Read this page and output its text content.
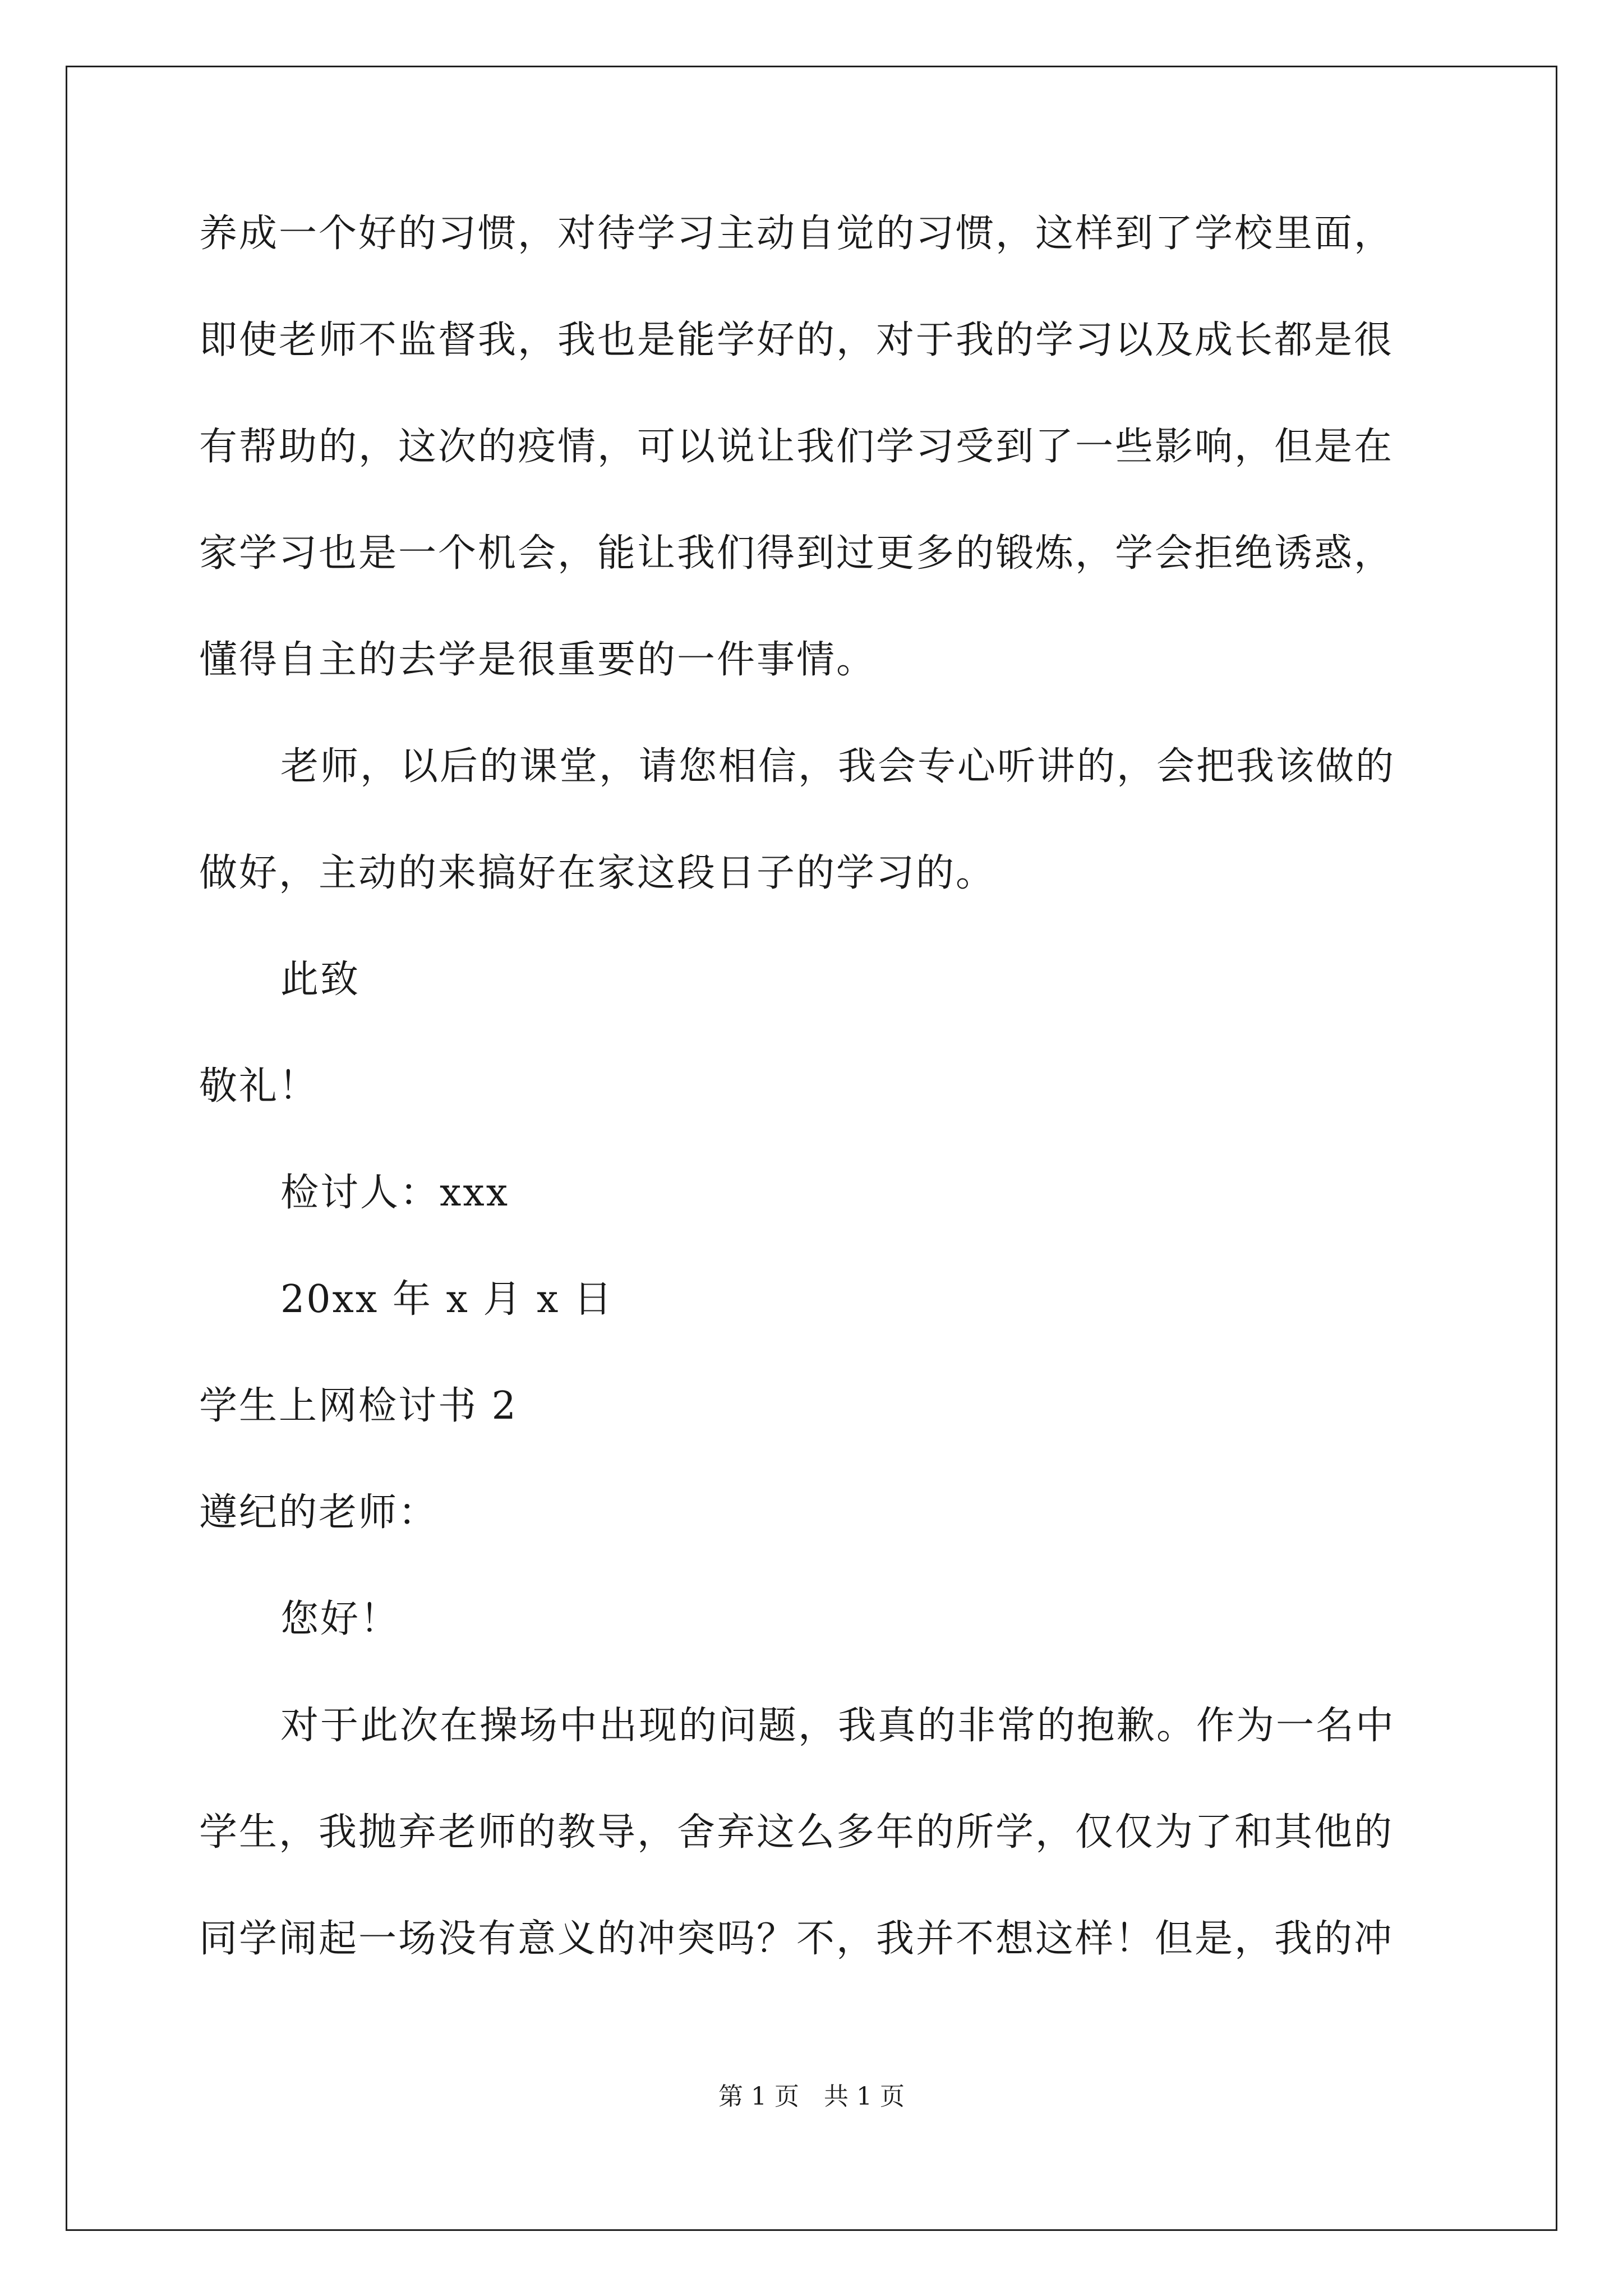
养成一个好的习惯，对待学习主动自觉的习惯，这样到了学校里面，
即使老师不监督我，我也是能学好的，对于我的学习以及成长都是很
有帮助的，这次的疫情，可以说让我们学习受到了一些影响，但是在
家学习也是一个机会，能让我们得到过更多的锻炼，学会拒绝诱惑，
懂得自主的去学是很重要的一件事情。
老师，以后的课堂，请您相信，我会专心听讲的，会把我该做的
做好，主动的来搞好在家这段日子的学习的。
此致
敬礼！
检讨人：xxx
20xx 年 x 月 x 日
学生上网检讨书 2
遵纪的老师：
您好！
对于此次在操场中出现的问题，我真的非常的抱歉。作为一名中
学生，我抛弃老师的教导，舍弃这么多年的所学，仅仅为了和其他的
同学闹起一场没有意义的冲突吗？不，我并不想这样！但是，我的冲
第 1 页 共 1 页
